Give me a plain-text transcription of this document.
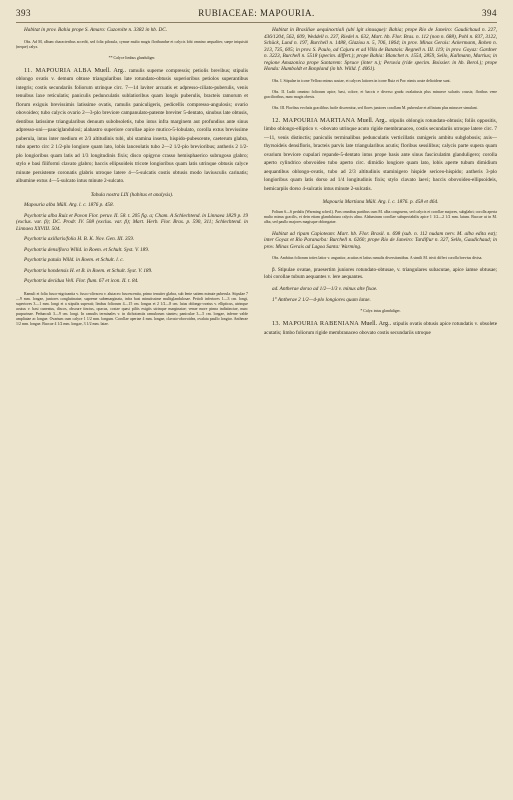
393	RUBIACEAE: MAPOURIA.	394

Habitat in prov. Bahia prope S. Amaro: Cuzorolte n. 3382 in hb. DC.

Obs. Ad M, album characteribus accedit, sed folia pilosula, cymae multo magis floribundae et calycis lobi omnino aequaliter, saepe iniquisiti (neque) calyx.

** Calyce limbus glanduliger.

11. MAPOURIA ALBA Muell. Arg.. ramulis superne compressis; petiolis brevibus; stipulis oblongo ovatis v. demum obtuse triangularibus late rotundato-obtusis superioribus petiolos superantibus integris; costis secundariis foliorum utrinque circ. 7—14 laviter arcuatis et adpresso-ciliato-puberulis, venis tenuibus laxe reticulatis; paniculis pedunculatis sublatioribus quam longis puberulis, bracteis ramorum et florum exiguis brevissimis latissime ovatis, ramulis paniculigeris, pedicellis compresso-angulosis; ovario obovoideo; tubo calycis ovario 2—3-plo breviore campanulato-patente breviter 5-dentato, sinubus late obtusis, dentibus latissime triangularibus denuum subobsoletis, tubo intus infra marginem aut profundius ante sinus adpresso-uni—pauciglandulosi; alabastro superiore corollae apice mutico-5-lobulato, corolla extus brevissime puberula, intus inter medium et 2/3 altitudinis tubi, ubi stamina inserta, hispido-pubescente, caeterum glabra, tubo aperto circ 2 1/2-plo longiore quam lato, lobis lanceolatis tubo 2—2 1/2-plo brevioribus; antheris 2 1/2-plo longioribus quam latis ad 1/3 longitudinis fixis; disco opigyno crasso hemisphaerico subrugoso glabro; stylo e basi filiformi clavato glabro; baccis ellipsoideis tricote longioribus quam latis utrinque obtusis calyce minute persistente coronatis glabris utroque latere 4—5-sulcatis costis obtusis modo laviusculis carinatis; albumine extus 4—5-sulcato intus minute 2-sulcato.

Tabula nostra LIX (habitus et analysis).

Mapouria alba Müll. Arg. l. c. 1876 p. 458.

Psychotria alba Ruiz et Pavon Flor. peruv. II. 58. t. 205 fig. a; Cham. A Schlechtend. in Linnaea 1829 p. 19 (exclus. var. β); DC. Prodr. IV. 508 (exclus. var. β); Mart. Herb. Flor. Bras. p. 590, 311; Schlechtend. in Linnaea XXVIII. 504.

Psychotria axillaris/folia H. B. K. Nov. Gen. III. 359.

Psychotria densiflora Willd. in Roem. et Schult. Syst. V. 189.

Psychotria patula Willd. in Roem. et Schult. l. c.

Psychotria hondensis H. et B. in Roem. et Schult. Syst. V. 189.

Psychotria decidua Vell. Flor. flum. 67 et icon. II. t. 84.

Ramuli et folia fusco-nigricantia v. fusco-olivacea v. alutaceo fuscescentia, primo tenuiter glabra, sub lente sattem minute puberula. Stipulae 7—9 mm. longae, juniores conglutinatae, supreme subemarginata, infra basi minutissime multiglandulosae. Petioli inferiores 1—3 cm. longi, superiores 3—1 mm. longi et a stipulis superati; limbus foliorum 4—15 cm. longus et 2 1/2—8 cm. latus oblongo-ovatus v. ellipticus, utrinque acutus v. basi cuneatus, discos, obscure tinctus, opacus, costae quasi piliis exigiis utrinque marginatae; venae more pinna indistinctae, nunc purpurinae. Pedunculi 3—9 cm. longi. In ramulis terminales v. in dichotomiis ramulorum stantes; paniculae 3—5 cm. longae, inferne valde ampliatae ac longae. Ovarium cum calyce 1 1/2 mm. longum. Corollae apertae 4 mm. longae, clavato-obovoidea, ovalata paullo longior. Antherae 1/2 mm. longae. Baccae 4 1/2 mm. longae, 3 1/2 mm. latae.

Habitat in Brasiliae aequinoctiali (ubi lgit sinusque): Bahia; prope Rio de Janeiro: Gaudichaud n. 227, 436/1204, 562, 609, Weddell n. 237, Riedel n. 632, Mart. hb. Flor. Bras. n. 112 (non n. 688), Pohl n. 837, 3122, Schück, Lund n. 197, Burchell n. 1488, Glaziou n. 5, 706, 1864; in prov. Minas Gerais: Ackermann, Rohen n. 313, 735, 605; in prov. S. Paulo, ad Cajuru et ad Villa de Batatais: Regnell n. III. 119; in prov. Goyaz: Gardner n. 3223, Burchell n. 5518 (specim. differt.); prope Bahia: Blanchet n. 1554, 2859, Sello, Kallmann, Martius; in regione Amazonica prope Santarem: Spruce (ínter n.); Peruvia (ride specim. Boissier. in hb. Berol.); prope Honda: Humboldt et Bonpland (in hb. Willd. f. 4061).

Obs. I. Stipulae in icone Vellozo minus acutae, et calyces latiores in icone Ruiz et Pav. nimis acute deltoideae sunt.

Obs. II. Ludit omnino foliorum apice, basi, colore, et baccis e diverso gradu ovalatiusis plus minusve sulcatis crassis; floribus vene gracilioribus, nunc magis obesis.

Obs. III. Floribus evolutis gracilibus facile discernitur, sed flores juniores corollam M. puberulae et affinium plus minusve simulant.

12. MAPOURIA MARTIANA Muell. Arg.. stipulis oblongis rotundato-obtusis; foliis oppositis, limbo oblongo-elliptico v. -obovato utrinque acuto rigide membranaceo, costis secundariis utroque latere circ. 7—11, venis distinctis; paniculis terminalibus pedunculatis verticillatis ramigeris ambitu subglobosis; axis—thyrsoideis densifloris, bracteis parvis late triangularibus acutis; floribus sessilibus; calycis parte supera quam ovarium breviore cupulari repande-5-dentato intus prope basis ante sinus fasciculatim glanduligero; corolla aperto cylindrico obovoideo tubo aperto circ. dimidio longiore quam lato, lobis aperte tubum dimidium aequantibus oblongo-ovatis, tubo ad 2/3 altitudinis staminigero hispide sericeo-hispido; antheris 3-plo longioribus quam latis dorso ad 1/4 longitudinis fixis; stylo clavato laevi; baccis obovoideo-ellipsoideis, hemicarpiis dorso 4-sulcatis intus minute 2-sulcatis.

Mapouria Martiana Müll. Arg. l. c. 1876. p. 458 et 464.

Folium 6—6 pedalis (Warming sched.). Pars omnibus partibus cum M. alba congruens, sed calycis et corollae majores, subglabri; corolla aperta multo minus gracilis, et dein etiam glandulatura calycis alina. Alabastrum corollae subspectabilis apice 1 1/2—2 1/2 mm. latum. Baccae ut in M. alba, sed paullo majores magisque oblongatae.

Habitat ad ripam Capioteam: Mart. hb. Flor. Brasil. n. 698 (sub. n. 112 nudam nerv. M. alba edita est); inter Goyaz et Rio Parana/ba: Burchell n. 6260; prope Rio de Janeiro: Tardif/ur n. 327, Sello, Gaudichaud; in prov. Minas Gerais ad Lagoa Santa: Warming.

Obs. Ambitus foliorum toties latior v. angustior, acutius et latius ramulis diversitantibus. A simili M. trivii differt corolla brevius divisa.

β. Stipulae ovatae, praesertim juniores rotundato-obtusae, v. triangulares subacutae, apice iamse obtusae; lobi corollae tubum aequantes v. lere aequantes.

ad. Antherae dorso ad 1/2—1/3 v. minus alte fixae.

1° Antherae 2 1/2—4-plo longiores quam latae.

* Calyx intus glanduliger.

13. MAPOURIA RABENIANA Muell. Arg.. stipulis ovatis obtusis apice rotundatis v. obsolete acutatis; limbo foliorum rigide membranaceo obovato costis secundariis utroque
